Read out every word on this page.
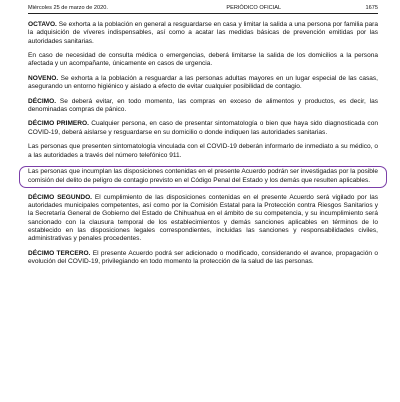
Miércoles 25 de marzo de 2020.	PERIÓDICO OFICIAL	1675

OCTAVO. Se exhorta a la población en general a resguardarse en casa y limitar la salida a una persona por familia para la adquisición de víveres indispensables, así como a acatar las medidas básicas de prevención emitidas por las autoridades sanitarias.

En caso de necesidad de consulta médica o emergencias, deberá limitarse la salida de los domicilios a la persona afectada y un acompañante, únicamente en casos de urgencia.

NOVENO. Se exhorta a la población a resguardar a las personas adultas mayores en un lugar especial de las casas, asegurando un entorno higiénico y aislado a efecto de evitar cualquier posibilidad de contagio.

DÉCIMO. Se deberá evitar, en todo momento, las compras en exceso de alimentos y productos, es decir, las denominadas compras de pánico.

DÉCIMO PRIMERO. Cualquier persona, en caso de presentar sintomatología o bien que haya sido diagnosticada con COVID-19, deberá aislarse y resguardarse en su domicilio o donde indiquen las autoridades sanitarias.

Las personas que presenten sintomatología vinculada con el COVID-19 deberán informarlo de inmediato a su médico, o a las autoridades a través del número telefónico 911.

Las personas que incumplan las disposiciones contenidas en el presente Acuerdo podrán ser investigadas por la posible comisión del delito de peligro de contagio previsto en el Código Penal del Estado y los demás que resulten aplicables.

DÉCIMO SEGUNDO. El cumplimiento de las disposiciones contenidas en el presente Acuerdo será vigilado por las autoridades municipales competentes, así como por la Comisión Estatal para la Protección contra Riesgos Sanitarios y la Secretaría General de Gobierno del Estado de Chihuahua en el ámbito de su competencia, y su incumplimiento será sancionado con la clausura temporal de los establecimientos y demás sanciones aplicables en términos de lo establecido en las disposiciones legales correspondientes, incluidas las sanciones y responsabilidades civiles, administrativas y penales procedentes.

DÉCIMO TERCERO. El presente Acuerdo podrá ser adicionado o modificado, considerando el avance, propagación o evolución del COVID-19, privilegiando en todo momento la protección de la salud de las personas.
